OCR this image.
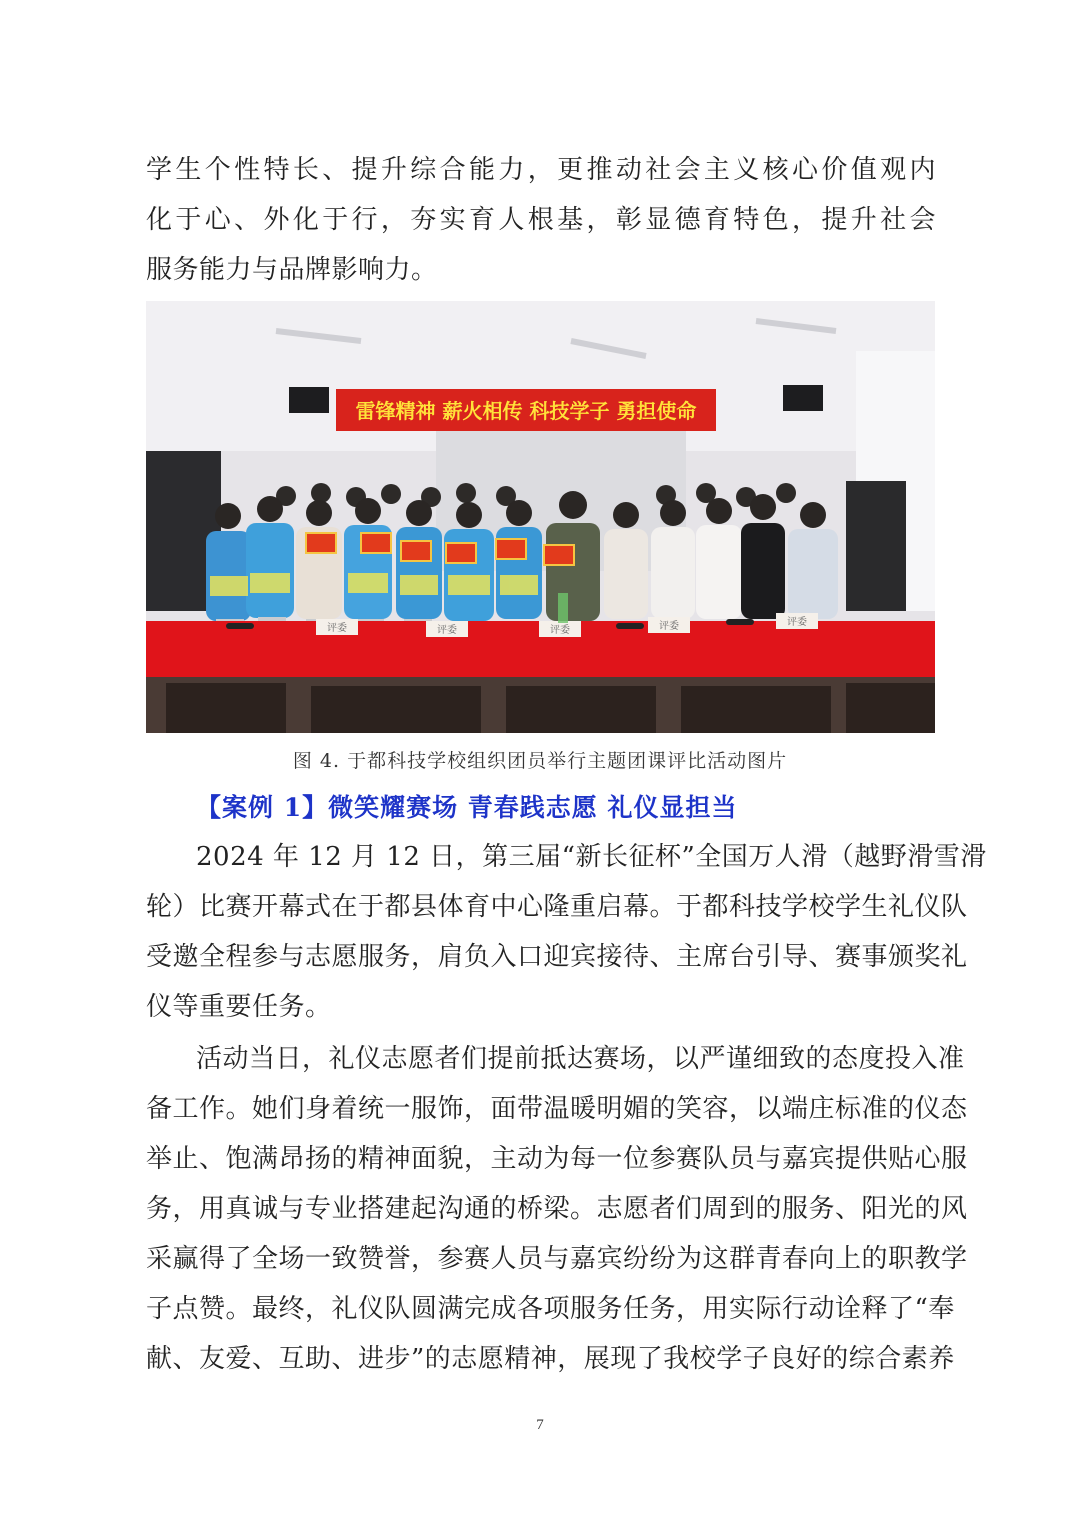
学生个性特长、提升综合能力，更推动社会主义核心价值观内
化于心、外化于行，夯实育人根基，彰显德育特色，提升社会
服务能力与品牌影响力。
雷锋精神 薪火相传 科技学子 勇担使命
评委	评委	评委	评委	评委
图 4. 于都科技学校组织团员举行主题团课评比活动图片
【案例 1】微笑耀赛场 青春践志愿 礼仪显担当
2024 年 12 月 12 日，第三届“新长征杯”全国万人滑（越野滑雪滑
轮）比赛开幕式在于都县体育中心隆重启幕。于都科技学校学生礼仪队
受邀全程参与志愿服务，肩负入口迎宾接待、主席台引导、赛事颁奖礼
仪等重要任务。
活动当日，礼仪志愿者们提前抵达赛场，以严谨细致的态度投入准
备工作。她们身着统一服饰，面带温暖明媚的笑容，以端庄标准的仪态
举止、饱满昂扬的精神面貌，主动为每一位参赛队员与嘉宾提供贴心服
务，用真诚与专业搭建起沟通的桥梁。志愿者们周到的服务、阳光的风
采赢得了全场一致赞誉，参赛人员与嘉宾纷纷为这群青春向上的职教学
子点赞。最终，礼仪队圆满完成各项服务任务，用实际行动诠释了“奉
献、友爱、互助、进步”的志愿精神，展现了我校学子良好的综合素养
7
